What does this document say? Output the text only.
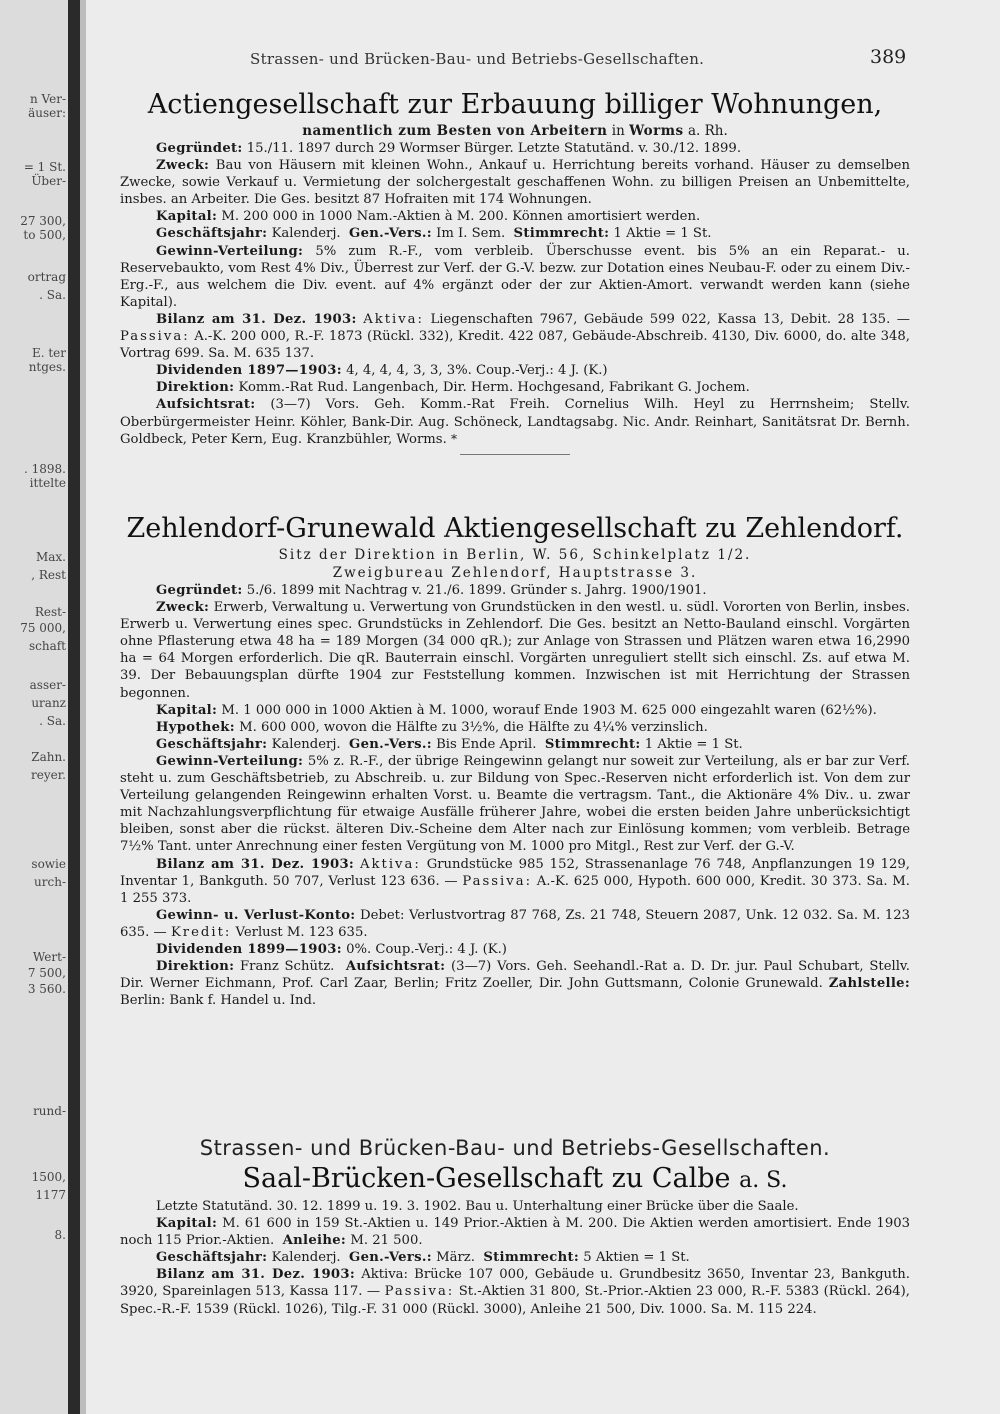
n Ver-
äuser:
= 1 St.
Über-
27 300,
to 500,
ortrag
. Sa.
E. ter
ntges.
. 1898.
ittelte
Max.
, Rest
Rest-
75 000,
schaft
asser-
uranz
. Sa.
Zahn.
reyer.
sowie
urch-
Wert-
7 500,
3 560.
rund-
1500,
1177
8.
Strassen- und Brücken-Bau- und Betriebs-Gesellschaften.	389
Actiengesellschaft zur Erbauung billiger Wohnungen,
namentlich zum Besten von Arbeitern in Worms a. Rh.

Gegründet: 15./11. 1897 durch 29 Wormser Bürger. Letzte Statutänd. v. 30./12. 1899.

Zweck: Bau von Häusern mit kleinen Wohn., Ankauf u. Herrichtung bereits vorhand. Häuser zu demselben Zwecke, sowie Verkauf u. Vermietung der solchergestalt geschaffenen Wohn. zu billigen Preisen an Unbemittelte, insbes. an Arbeiter. Die Ges. besitzt 87 Hofraiten mit 174 Wohnungen.

Kapital: M. 200 000 in 1000 Nam.-Aktien à M. 200. Können amortisiert werden.

Geschäftsjahr: Kalenderj. Gen.-Vers.: Im I. Sem. Stimmrecht: 1 Aktie = 1 St.

Gewinn-Verteilung: 5% zum R.-F., vom verbleib. Überschusse event. bis 5% an ein Reparat.- u. Reservebaukto, vom Rest 4% Div., Überrest zur Verf. der G.-V. bezw. zur Dotation eines Neubau-F. oder zu einem Div.-Erg.-F., aus welchem die Div. event. auf 4% ergänzt oder der zur Aktien-Amort. verwandt werden kann (siehe Kapital).

Bilanz am 31. Dez. 1903: Aktiva: Liegenschaften 7967, Gebäude 599 022, Kassa 13, Debit. 28 135. — Passiva: A.-K. 200 000, R.-F. 1873 (Rückl. 332), Kredit. 422 087, Gebäude-Abschreib. 4130, Div. 6000, do. alte 348, Vortrag 699. Sa. M. 635 137.

Dividenden 1897—1903: 4, 4, 4, 4, 3, 3, 3%. Coup.-Verj.: 4 J. (K.)

Direktion: Komm.-Rat Rud. Langenbach, Dir. Herm. Hochgesand, Fabrikant G. Jochem.

Aufsichtsrat: (3—7) Vors. Geh. Komm.-Rat Freih. Cornelius Wilh. Heyl zu Herrnsheim; Stellv. Oberbürgermeister Heinr. Köhler, Bank-Dir. Aug. Schöneck, Landtagsabg. Nic. Andr. Reinhart, Sanitätsrat Dr. Bernh. Goldbeck, Peter Kern, Eug. Kranzbühler, Worms. *

Zehlendorf-Grunewald Aktiengesellschaft zu Zehlendorf.
Sitz der Direktion in Berlin, W. 56, Schinkelplatz 1/2.
Zweigbureau Zehlendorf, Hauptstrasse 3.

Gegründet: 5./6. 1899 mit Nachtrag v. 21./6. 1899. Gründer s. Jahrg. 1900/1901.

Zweck: Erwerb, Verwaltung u. Verwertung von Grundstücken in den westl. u. südl. Vororten von Berlin, insbes. Erwerb u. Verwertung eines spec. Grundstücks in Zehlendorf. Die Ges. besitzt an Netto-Bauland einschl. Vorgärten ohne Pflasterung etwa 48 ha = 189 Morgen (34 000 qR.); zur Anlage von Strassen und Plätzen waren etwa 16,2990 ha = 64 Morgen erforderlich. Die qR. Bauterrain einschl. Vorgärten unreguliert stellt sich einschl. Zs. auf etwa M. 39. Der Bebauungsplan dürfte 1904 zur Feststellung kommen. Inzwischen ist mit Herrichtung der Strassen begonnen.

Kapital: M. 1 000 000 in 1000 Aktien à M. 1000, worauf Ende 1903 M. 625 000 eingezahlt waren (62½%).

Hypothek: M. 600 000, wovon die Hälfte zu 3½%, die Hälfte zu 4¼% verzinslich.

Geschäftsjahr: Kalenderj. Gen.-Vers.: Bis Ende April. Stimmrecht: 1 Aktie = 1 St.

Gewinn-Verteilung: 5% z. R.-F., der übrige Reingewinn gelangt nur soweit zur Verteilung, als er bar zur Verf. steht u. zum Geschäftsbetrieb, zu Abschreib. u. zur Bildung von Spec.-Reserven nicht erforderlich ist. Von dem zur Verteilung gelangenden Reingewinn erhalten Vorst. u. Beamte die vertragsm. Tant., die Aktionäre 4% Div.. u. zwar mit Nachzahlungsverpflichtung für etwaige Ausfälle früherer Jahre, wobei die ersten beiden Jahre unberücksichtigt bleiben, sonst aber die rückst. älteren Div.-Scheine dem Alter nach zur Einlösung kommen; vom verbleib. Betrage 7½% Tant. unter Anrechnung einer festen Vergütung von M. 1000 pro Mitgl., Rest zur Verf. der G.-V.

Bilanz am 31. Dez. 1903: Aktiva: Grundstücke 985 152, Strassenanlage 76 748, Anpflanzungen 19 129, Inventar 1, Bankguth. 50 707, Verlust 123 636. — Passiva: A.-K. 625 000, Hypoth. 600 000, Kredit. 30 373. Sa. M. 1 255 373.

Gewinn- u. Verlust-Konto: Debet: Verlustvortrag 87 768, Zs. 21 748, Steuern 2087, Unk. 12 032. Sa. M. 123 635. — Kredit: Verlust M. 123 635.

Dividenden 1899—1903: 0%. Coup.-Verj.: 4 J. (K.)

Direktion: Franz Schütz. Aufsichtsrat: (3—7) Vors. Geh. Seehandl.-Rat a. D. Dr. jur. Paul Schubart, Stellv. Dir. Werner Eichmann, Prof. Carl Zaar, Berlin; Fritz Zoeller, Dir. John Guttsmann, Colonie Grunewald. Zahlstelle: Berlin: Bank f. Handel u. Ind.

Strassen- und Brücken-Bau- und Betriebs-Gesellschaften.
Saal-Brücken-Gesellschaft zu Calbe a. S.

Letzte Statutänd. 30. 12. 1899 u. 19. 3. 1902. Bau u. Unterhaltung einer Brücke über die Saale.

Kapital: M. 61 600 in 159 St.-Aktien u. 149 Prior.-Aktien à M. 200. Die Aktien werden amortisiert. Ende 1903 noch 115 Prior.-Aktien. Anleihe: M. 21 500.

Geschäftsjahr: Kalenderj. Gen.-Vers.: März. Stimmrecht: 5 Aktien = 1 St.

Bilanz am 31. Dez. 1903: Aktiva: Brücke 107 000, Gebäude u. Grundbesitz 3650, Inventar 23, Bankguth. 3920, Spareinlagen 513, Kassa 117. — Passiva: St.-Aktien 31 800, St.-Prior.-Aktien 23 000, R.-F. 5383 (Rückl. 264), Spec.-R.-F. 1539 (Rückl. 1026), Tilg.-F. 31 000 (Rückl. 3000), Anleihe 21 500, Div. 1000. Sa. M. 115 224.
